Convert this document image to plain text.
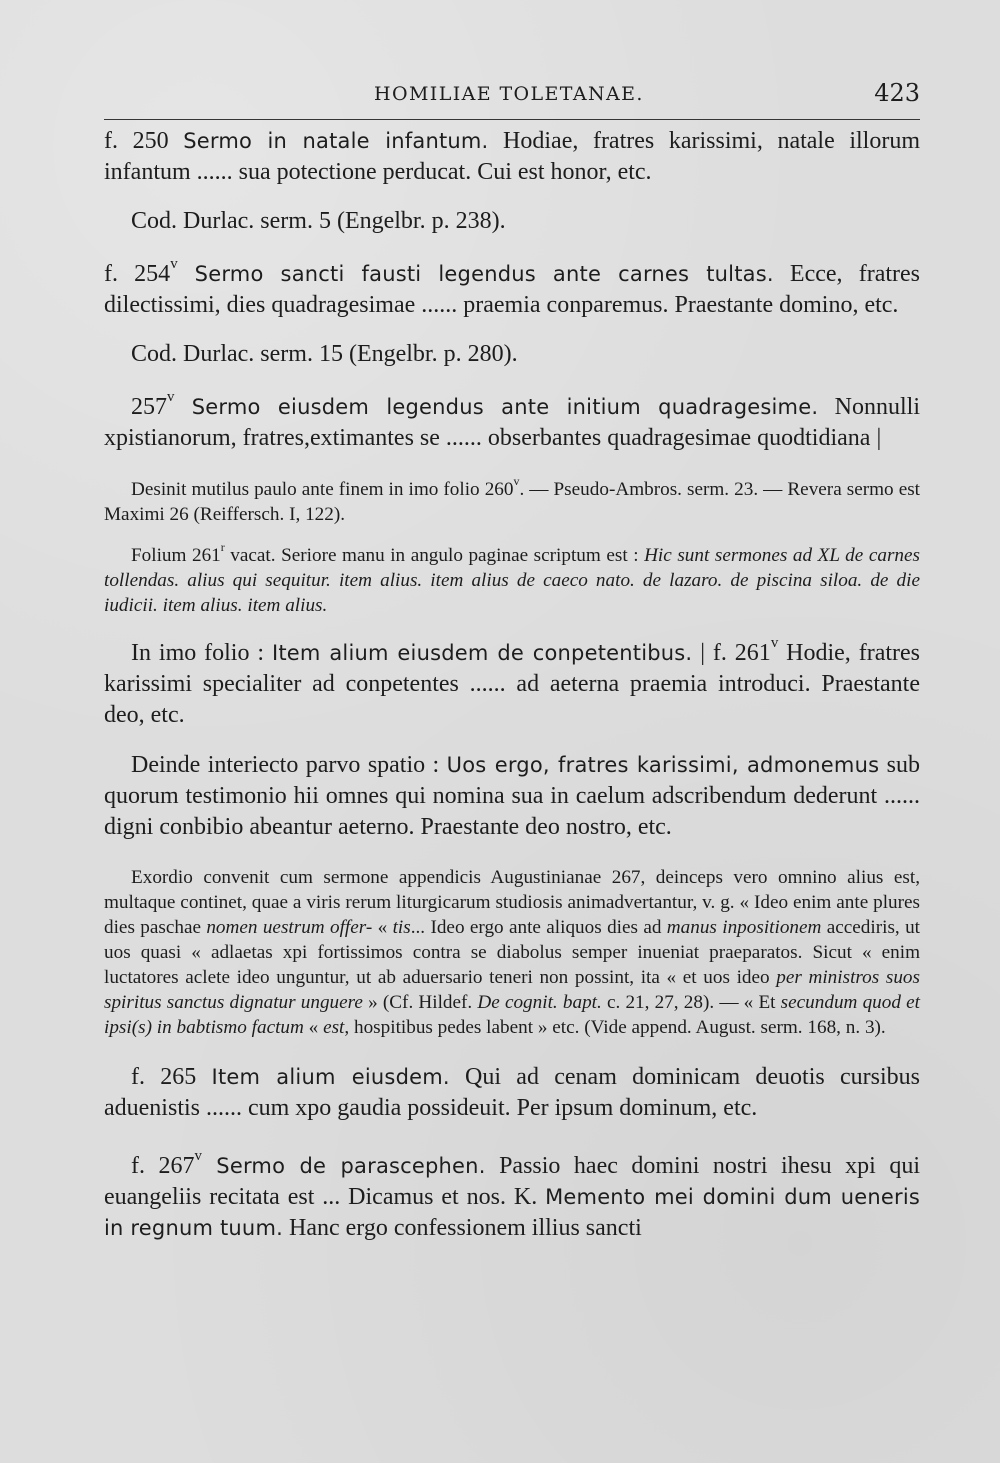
HOMILIAE TOLETANAE.	423

f. 250 Sermo in natale infantum. Hodiae, fratres karissimi, natale illorum infantum ...... sua potectione perducat. Cui est honor, etc.

Cod. Durlac. serm. 5 (Engelbr. p. 238).

f. 254$^v$ Sermo sancti fausti legendus ante carnes tultas. Ecce, fratres dilectissimi, dies quadragesimae ...... praemia conparemus. Praestante domino, etc.

Cod. Durlac. serm. 15 (Engelbr. p. 280).

257$^v$ Sermo eiusdem legendus ante initium quadragesime. Nonnulli xpistianorum, fratres,extimantes se ...... obserbantes quadragesimae quodtidiana |

Desinit mutilus paulo ante finem in imo folio 260$^v$. — Pseudo-Ambros. serm. 23. — Revera sermo est Maximi 26 (Reiffersch. I, 122).

Folium 261$^r$ vacat. Seriore manu in angulo paginae scriptum est : Hic sunt sermones ad XL de carnes tollendas. alius qui sequitur. item alius. item alius de caeco nato. de lazaro. de piscina siloa. de die iudicii. item alius. item alius.

In imo folio : Item alium eiusdem de conpetentibus. | f. 261$^v$ Hodie, fratres karissimi specialiter ad conpetentes ...... ad aeterna praemia introduci. Praestante deo, etc.

Deinde interiecto parvo spatio : Uos ergo, fratres karissimi, admonemus sub quorum testimonio hii omnes qui nomina sua in caelum adscribendum dederunt ...... digni conbibio abeantur aeterno. Praestante deo nostro, etc.

Exordio convenit cum sermone appendicis Augustinianae 267, deinceps vero omnino alius est, multaque continet, quae a viris rerum liturgicarum studiosis animadvertantur, v. g. « Ideo enim ante plures dies paschae nomen uestrum offer- « tis... Ideo ergo ante aliquos dies ad manus inpositionem accediris, ut uos quasi « adlaetas xpi fortissimos contra se diabolus semper inueniat praeparatos. Sicut « enim luctatores aclete ideo unguntur, ut ab aduersario teneri non possint, ita « et uos ideo per ministros suos spiritus sanctus dignatur unguere » (Cf. Hildef. De cognit. bapt. c. 21, 27, 28). — « Et secundum quod et ipsi(s) in babtismo factum « est, hospitibus pedes labent » etc. (Vide append. August. serm. 168, n. 3).

f. 265 Item alium eiusdem. Qui ad cenam dominicam deuotis cursibus aduenistis ...... cum xpo gaudia possideuit. Per ipsum dominum, etc.

f. 267$^v$ Sermo de parascephen. Passio haec domini nostri ihesu xpi qui euangeliis recitata est ... Dicamus et nos. K. Memento mei domini dum ueneris in regnum tuum. Hanc ergo confessionem illius sancti
